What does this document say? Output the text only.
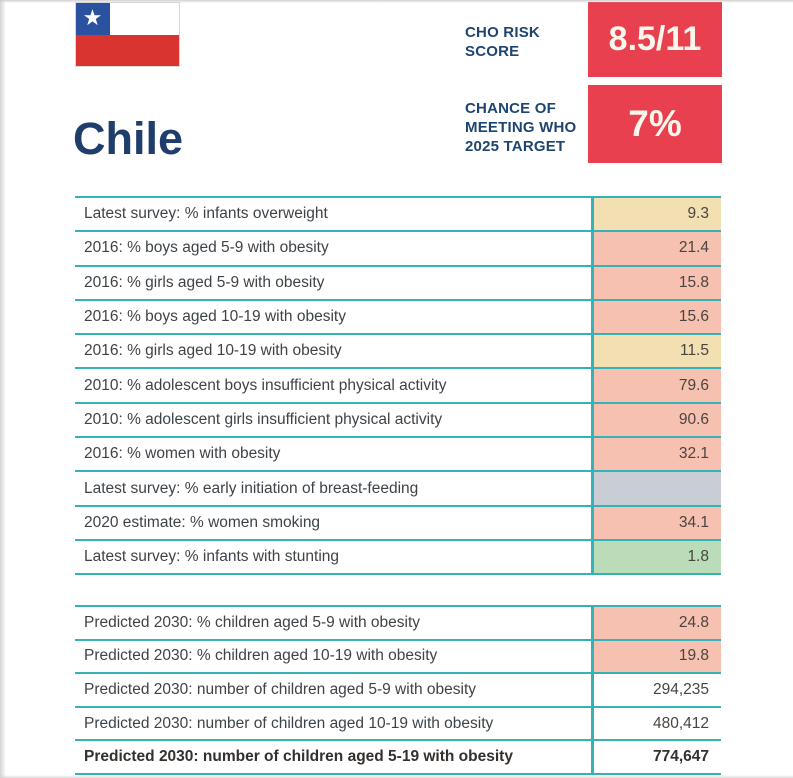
★
Chile
CHO RISK SCORE	8.5/11
CHANCE OF MEETING WHO 2025 TARGET
7%
Latest survey: % infants overweight	9.3
2016: % boys aged 5-9 with obesity	21.4
2016: % girls aged 5-9 with obesity	15.8
2016: % boys aged 10-19 with obesity	15.6
2016: % girls aged 10-19 with obesity	11.5
2010: % adolescent boys insufficient physical activity	79.6
2010: % adolescent girls insufficient physical activity	90.6
2016: % women with obesity	32.1
Latest survey: % early initiation of breast-feeding
2020 estimate: % women smoking	34.1
Latest survey: % infants with stunting	1.8
Predicted 2030: % children aged 5-9 with obesity	24.8
Predicted 2030: % children aged 10-19 with obesity	19.8
Predicted 2030: number of children aged 5-9 with obesity	294,235
Predicted 2030: number of children aged 10-19 with obesity	480,412
Predicted 2030: number of children aged 5-19 with obesity	774,647
